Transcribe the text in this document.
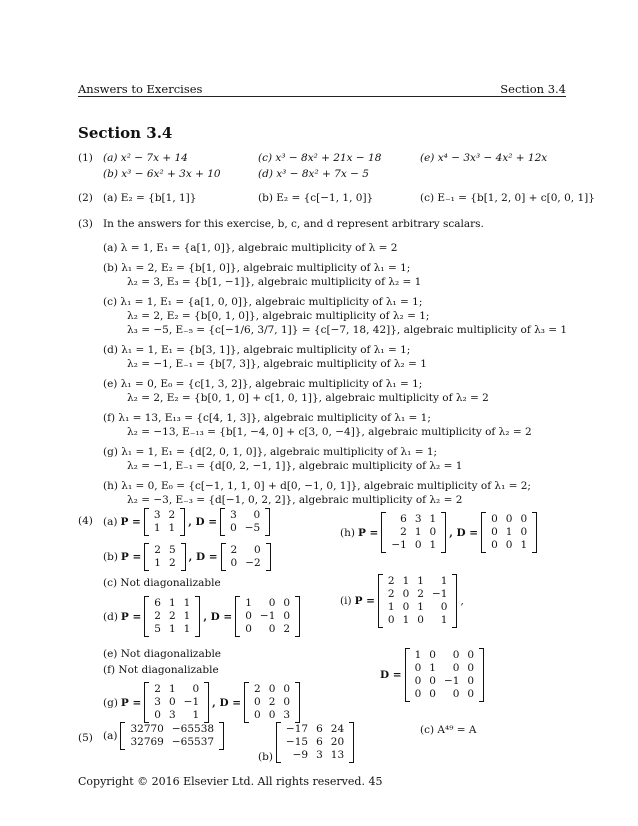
Answers to Exercises	Section 3.4
Section 3.4
(1) (a) x² − 7x + 14
(b) x³ − 6x² + 3x + 10
(c) x³ − 8x² + 21x − 18
(d) x³ − 8x² + 7x − 5
(e) x⁴ − 3x³ − 4x² + 12x
(2) (a) E₂ = {b[1, 1]}	(b) E₂ = {c[−1, 1, 0]}	(c) E₋₁ = {b[1, 2, 0] + c[0, 0, 1]}
(3) In the answers for this exercise, b, c, and d represent arbitrary scalars.
(a) λ = 1, E₁ = {a[1, 0]}, algebraic multiplicity of λ = 2
(b) λ₁ = 2, E₂ = {b[1, 0]}, algebraic multiplicity of λ₁ = 1;
λ₂ = 3, E₃ = {b[1, −1]}, algebraic multiplicity of λ₂ = 1
(c) λ₁ = 1, E₁ = {a[1, 0, 0]}, algebraic multiplicity of λ₁ = 1;
λ₂ = 2, E₂ = {b[0, 1, 0]}, algebraic multiplicity of λ₂ = 1;
λ₃ = −5, E₋₅ = {c[−1/6, 3/7, 1]} = {c[−7, 18, 42]}, algebraic multiplicity of λ₃ = 1
(d) λ₁ = 1, E₁ = {b[3, 1]}, algebraic multiplicity of λ₁ = 1;
λ₂ = −1, E₋₁ = {b[7, 3]}, algebraic multiplicity of λ₂ = 1
(e) λ₁ = 0, E₀ = {c[1, 3, 2]}, algebraic multiplicity of λ₁ = 1;
λ₂ = 2, E₂ = {b[0, 1, 0] + c[1, 0, 1]}, algebraic multiplicity of λ₂ = 2
(f) λ₁ = 13, E₁₃ = {c[4, 1, 3]}, algebraic multiplicity of λ₁ = 1;
λ₂ = −13, E₋₁₃ = {b[1, −4, 0] + c[3, 0, −4]}, algebraic multiplicity of λ₂ = 2
(g) λ₁ = 1, E₁ = {d[2, 0, 1, 0]}, algebraic multiplicity of λ₁ = 1;
λ₂ = −1, E₋₁ = {d[0, 2, −1, 1]}, algebraic multiplicity of λ₂ = 1
(h) λ₁ = 0, E₀ = {c[−1, 1, 1, 0] + d[0, −1, 0, 1]}, algebraic multiplicity of λ₁ = 2;
λ₂ = −3, E₋₃ = {d[−1, 0, 2, 2]}, algebraic multiplicity of λ₂ = 2
(4) (a) P =
3	2
1	1 , D =
3	0
0	−5
(b) P =
2	5
1	2 , D =
2	0
0	−2
(c) Not diagonalizable
(d) P =
6	1	1
2	2	1
5	1	1
, D =
1	0	0
0	−1	0
0	0	2
(e) Not diagonalizable
(f) Not diagonalizable
(g) P =
2	1	0
3	0	−1
0	3	1
, D =
2	0	0
0	2	0
0	0	3
(h) P =
6	3	1
2	1	0
−1	0	1
, D =
0	0	0
0	1	0
0	0	1
(i) P =
2	1	1	1
2	0	2	−1
1	0	1	0
0	1	0	1
,
D =
1	0	0	0
0	1	0	0
0	0	−1	0
0	0	0	0
(5) (a)
32770	−65538
32769	−65537
(b)
−17	6	24
−15	6	20
−9	3	13
(c) A⁴⁹ = A
Copyright © 2016 Elsevier Ltd. All rights reserved. 45
